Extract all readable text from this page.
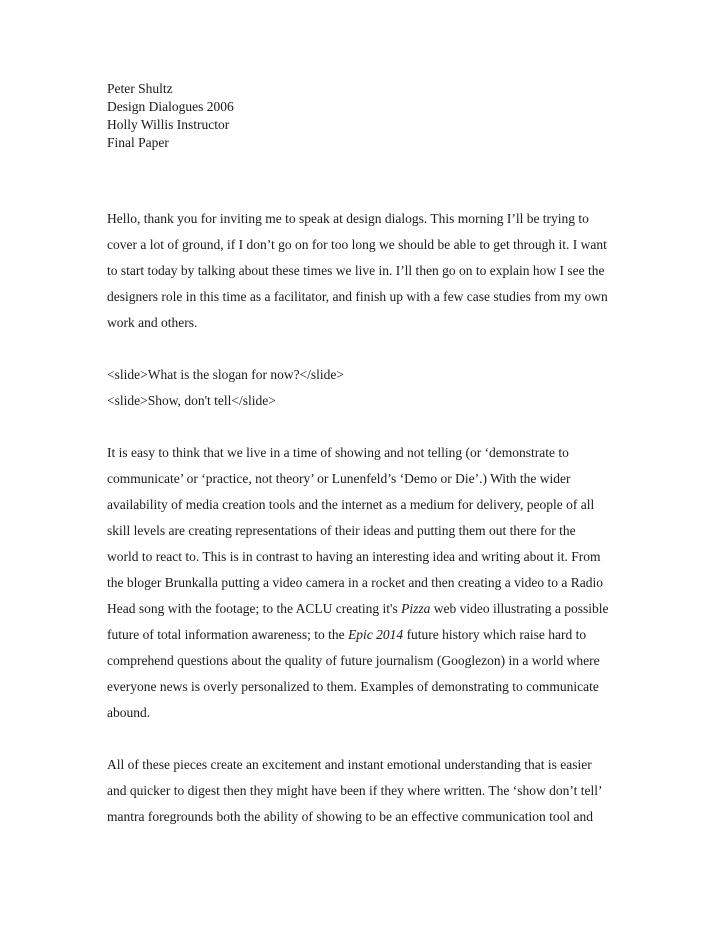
Peter Shultz
Design Dialogues 2006
Holly Willis Instructor
Final Paper
Hello, thank you for inviting me to speak at design dialogs. This morning I’ll be trying to
cover a lot of ground, if I don’t go on for too long we should be able to get through it. I want
to start today by talking about these times we live in. I’ll then go on to explain how I see the
designers role in this time as a facilitator, and finish up with a few case studies from my own
work and others.
<slide>What is the slogan for now?</slide>
<slide>Show, don't tell</slide>
It is easy to think that we live in a time of showing and not telling (or ‘demonstrate to
communicate’ or ‘practice, not theory’ or Lunenfeld’s ‘Demo or Die’.) With the wider
availability of media creation tools and the internet as a medium for delivery, people of all
skill levels are creating representations of their ideas and putting them out there for the
world to react to. This is in contrast to having an interesting idea and writing about it. From
the bloger Brunkalla putting a video camera in a rocket and then creating a video to a Radio
Head song with the footage; to the ACLU creating it's Pizza web video illustrating a possible
future of total information awareness; to the Epic 2014 future history which raise hard to
comprehend questions about the quality of future journalism (Googlezon) in a world where
everyone news is overly personalized to them. Examples of demonstrating to communicate
abound.
All of these pieces create an excitement and instant emotional understanding that is easier
and quicker to digest then they might have been if they where written. The ‘show don’t tell’
mantra foregrounds both the ability of showing to be an effective communication tool and
